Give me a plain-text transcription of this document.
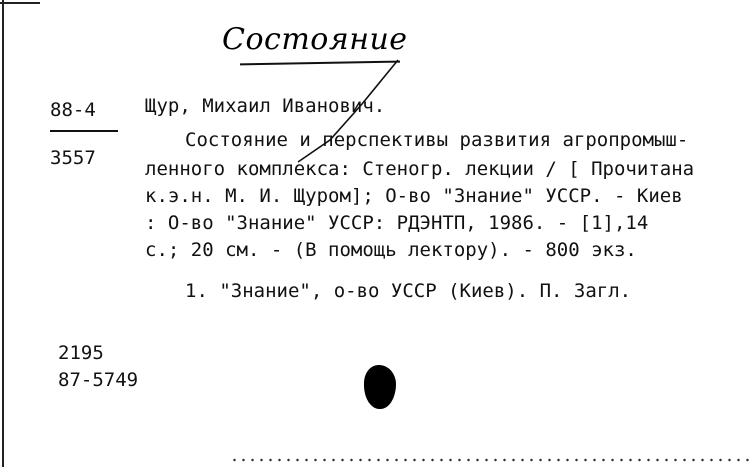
Состояние
88-4
3557
Щур, Михаил Иванович.
Состояние и перспективы развития агропромыш-
ленного комплекса: Стеногр. лекции / [ Прочитана
к.э.н. М. И. Щуром]; О-во "Знание" УССР. - Киев
: О-во "Знание" УССР: РДЭНТП, 1986. - [1],14
с.; 20 см. - (В помощь лектору). - 800 экз.
1. "Знание", о-во УССР (Киев). П. Загл.
2195
87-5749
